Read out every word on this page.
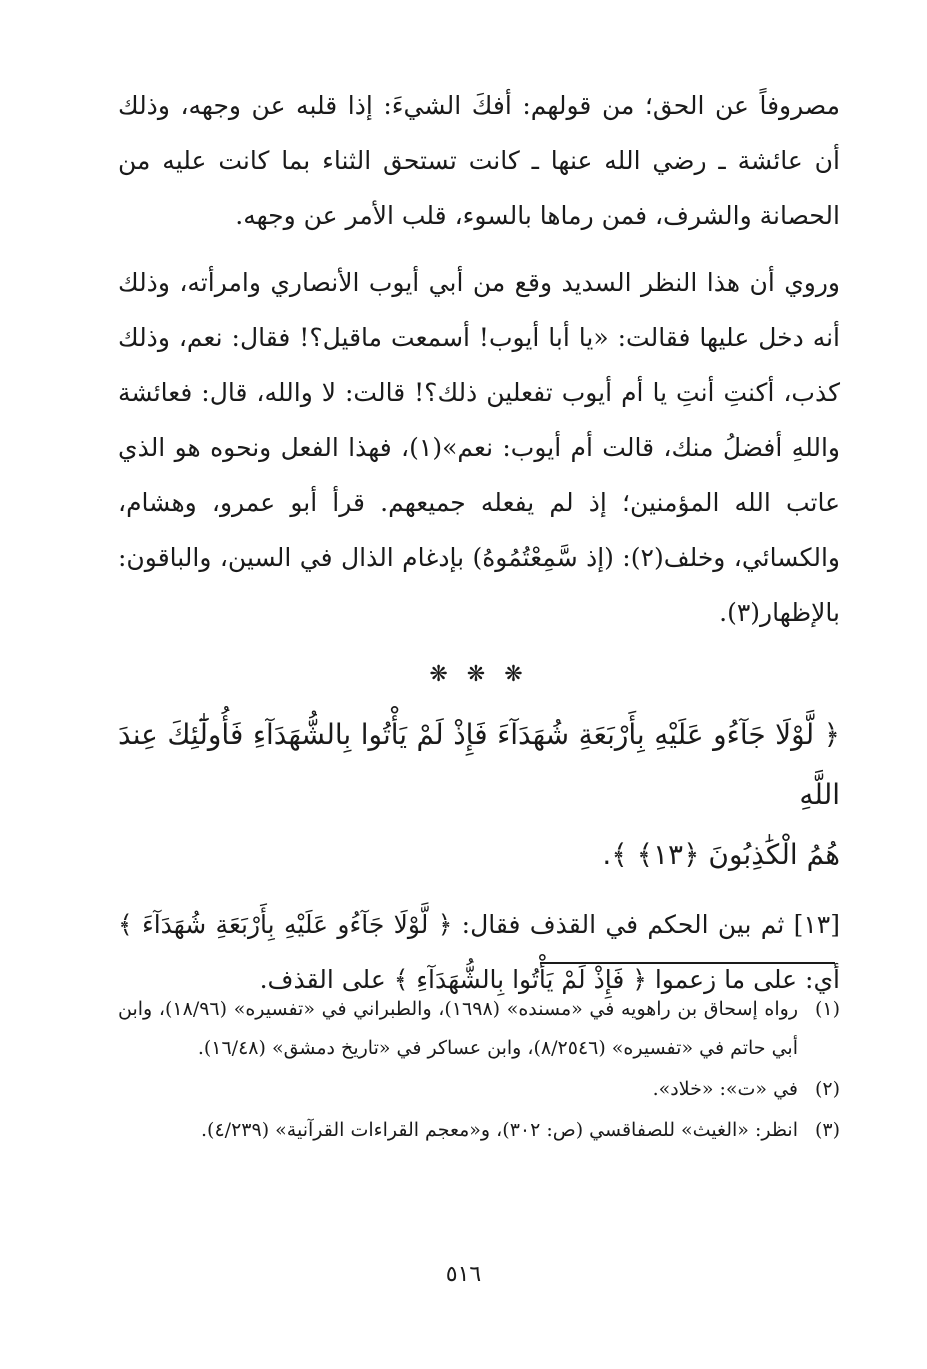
مصروفاً عن الحق؛ من قولهم: أفكَ الشيءَ: إذا قلبه عن وجهه، وذلك أن عائشة ـ رضي الله عنها ـ كانت تستحق الثناء بما كانت عليه من الحصانة والشرف، فمن رماها بالسوء، قلب الأمر عن وجهه.

وروي أن هذا النظر السديد وقع من أبي أيوب الأنصاري وامرأته، وذلك أنه دخل عليها فقالت: «يا أبا أيوب! أسمعت ماقيل؟! فقال: نعم، وذلك كذب، أكنتِ أنتِ يا أم أيوب تفعلين ذلك؟! قالت: لا والله، قال: فعائشة واللهِ أفضلُ منك، قالت أم أيوب: نعم»(١)، فهذا الفعل ونحوه هو الذي عاتب الله المؤمنين؛ إذ لم يفعله جميعهم. قرأ أبو عمرو، وهشام، والكسائي، وخلف(٢): (إذ سَّمِعْتُمُوهُ) بإدغام الذال في السين، والباقون: بالإظهار(٣).

❋ ❋ ❋

﴿ لَّوْلَا جَآءُو عَلَيْهِ بِأَرْبَعَةِ شُهَدَآءَ فَإِذْ لَمْ يَأْتُوا بِالشُّهَدَآءِ فَأُولَٰٓئِكَ عِندَ اللَّهِ
هُمُ الْكَٰذِبُونَ ﴿١٣﴾ ﴾.

[١٣] ثم بين الحكم في القذف فقال: ﴿ لَّوْلَا جَآءُو عَلَيْهِ بِأَرْبَعَةِ شُهَدَآءَ ﴾ أي: على ما زعموا ﴿ فَإِذْ لَمْ يَأْتُوا بِالشُّهَدَآءِ ﴾ على القذف.

(١)
رواه إسحاق بن راهويه في «مسنده» (١٦٩٨)، والطبراني في «تفسيره» (١٨/٩٦)، وابن أبي حاتم في «تفسيره» (٨/٢٥٤٦)، وابن عساكر في «تاريخ دمشق» (١٦/٤٨).
(٢)
في «ت»: «خلاد».
(٣)
انظر: «الغيث» للصفاقسي (ص: ٣٠٢)، و«معجم القراءات القرآنية» (٤/٢٣٩).
٥١٦
